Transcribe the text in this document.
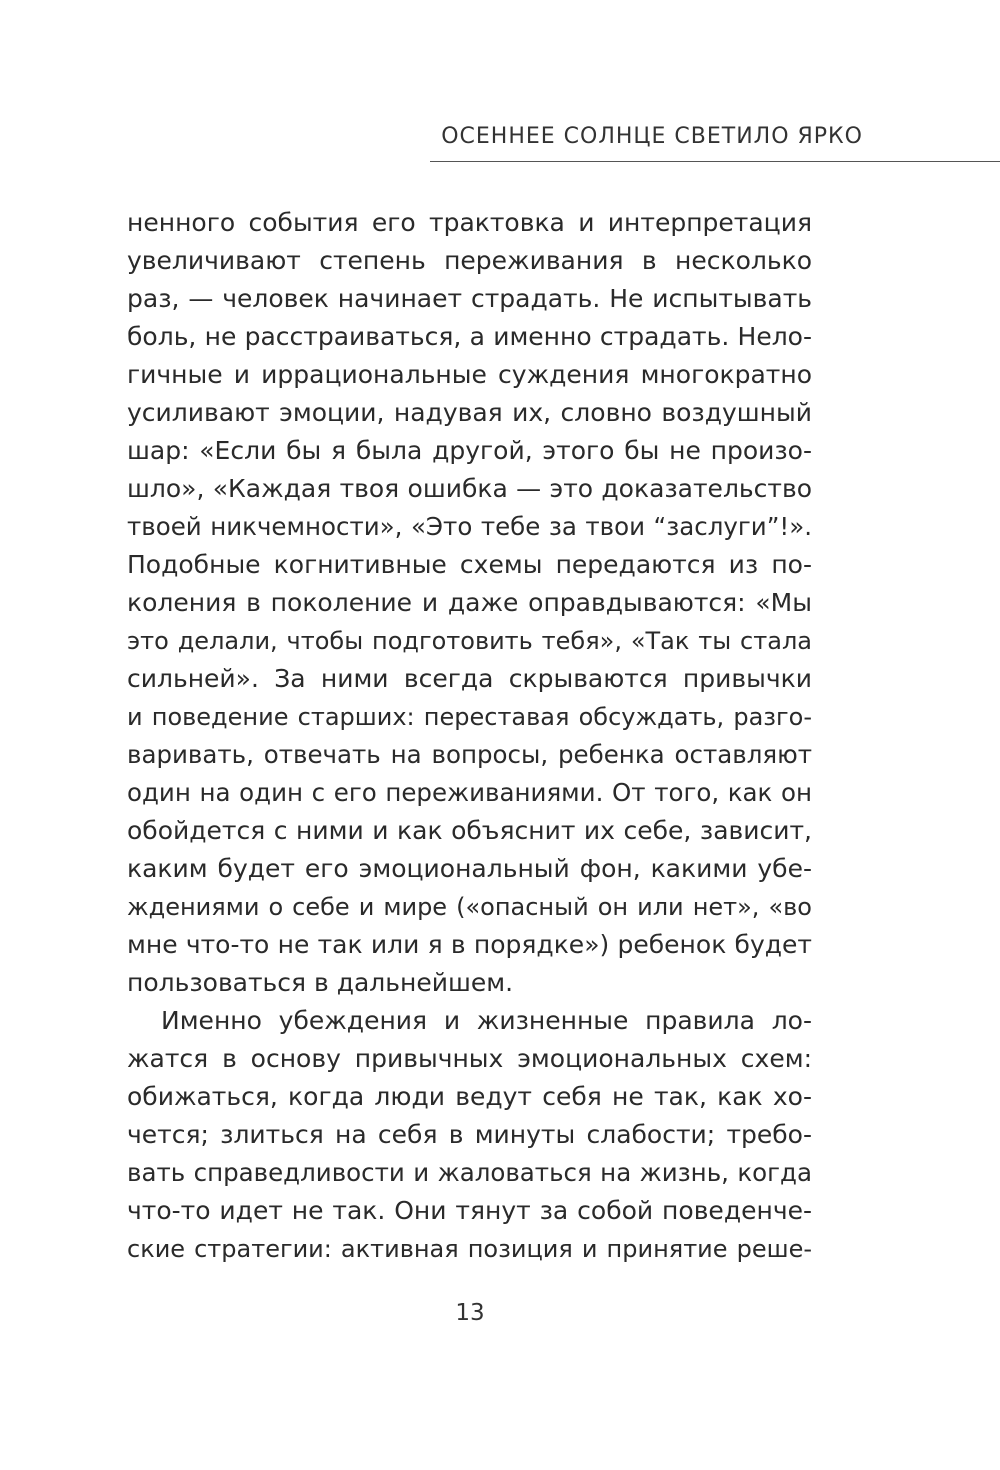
ОСЕННЕЕ СОЛНЦЕ СВЕТИЛО ЯРКО
ненного события его трактовка и интерпретация
увеличивают степень переживания в несколько
раз, — человек начинает страдать. Не испытывать
боль, не расстраиваться, а именно страдать. Нело-
гичные и иррациональные суждения многократно
усиливают эмоции, надувая их, словно воздушный
шар: «Если бы я была другой, этого бы не произо-
шло», «Каждая твоя ошибка — это доказательство
твоей никчемности», «Это тебе за твои “заслуги”!».
Подобные когнитивные схемы передаются из по-
коления в поколение и даже оправдываются: «Мы
это делали, чтобы подготовить тебя», «Так ты стала
сильней». За ними всегда скрываются привычки
и поведение старших: переставая обсуждать, разго-
варивать, отвечать на вопросы, ребенка оставляют
один на один с его переживаниями. От того, как он
обойдется с ними и как объяснит их себе, зависит,
каким будет его эмоциональный фон, какими убе-
ждениями о себе и мире («опасный он или нет», «во
мне что-то не так или я в порядке») ребенок будет
пользоваться в дальнейшем.
Именно убеждения и жизненные правила ло-
жатся в основу привычных эмоциональных схем:
обижаться, когда люди ведут себя не так, как хо-
чется; злиться на себя в минуты слабости; требо-
вать справедливости и жаловаться на жизнь, когда
что-то идет не так. Они тянут за собой поведенче-
ские стратегии: активная позиция и принятие реше-
13
